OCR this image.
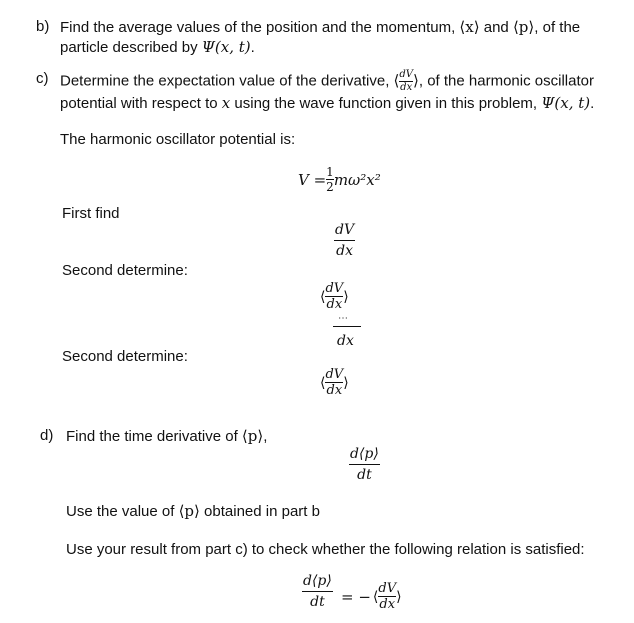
b) Find the average values of the position and the momentum, ⟨x⟩ and ⟨p⟩, of the
particle described by Ψ(x, t).
c) Determine the expectation value of the derivative, ⟨ $\frac{dV}{dx}$ ⟩, of the harmonic oscillator
potential with respect to x using the wave function given in this problem, Ψ(x, t).
The harmonic oscillator potential is:
V = 1
2 mω²x²
First find
dV
dx
Second determine:
⟨ dV
dx ⟩
⋯
dx
Second determine:
⟨ dV
dx ⟩
d) Find the time derivative of ⟨p⟩,
d⟨p⟩
dt
Use the value of ⟨p⟩ obtained in part b
Use your result from part c) to check whether the following relation is satisfied:
d⟨p⟩
dt = − ⟨ dV
dx ⟩
